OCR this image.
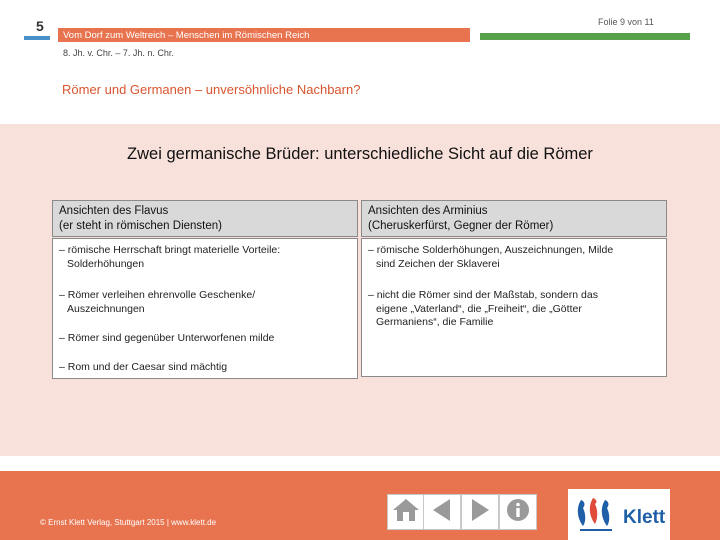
5
Vom Dorf zum Weltreich – Menschen im Römischen Reich
Folie 9 von 11
8. Jh. v. Chr. – 7. Jh. n. Chr.
Römer und Germanen – unversöhnliche Nachbarn?
Zwei germanische Brüder: unterschiedliche Sicht auf die Römer
Ansichten des Flavus
(er steht in römischen Diensten)
– römische Herrschaft bringt materielle Vorteile:
Solderhöhungen
– Römer verleihen ehrenvolle Geschenke/
Auszeichnungen
– Römer sind gegenüber Unterworfenen milde
– Rom und der Caesar sind mächtig
Ansichten des Arminius
(Cheruskerfürst, Gegner der Römer)
– römische Solderhöhungen, Auszeichnungen, Milde
sind Zeichen der Sklaverei
– nicht die Römer sind der Maßstab, sondern das
eigene „Vaterland“, die „Freiheit“, die „Götter
Germaniens“, die Familie
© Ernst Klett Verlag, Stuttgart 2015 | www.klett.de	Klett
